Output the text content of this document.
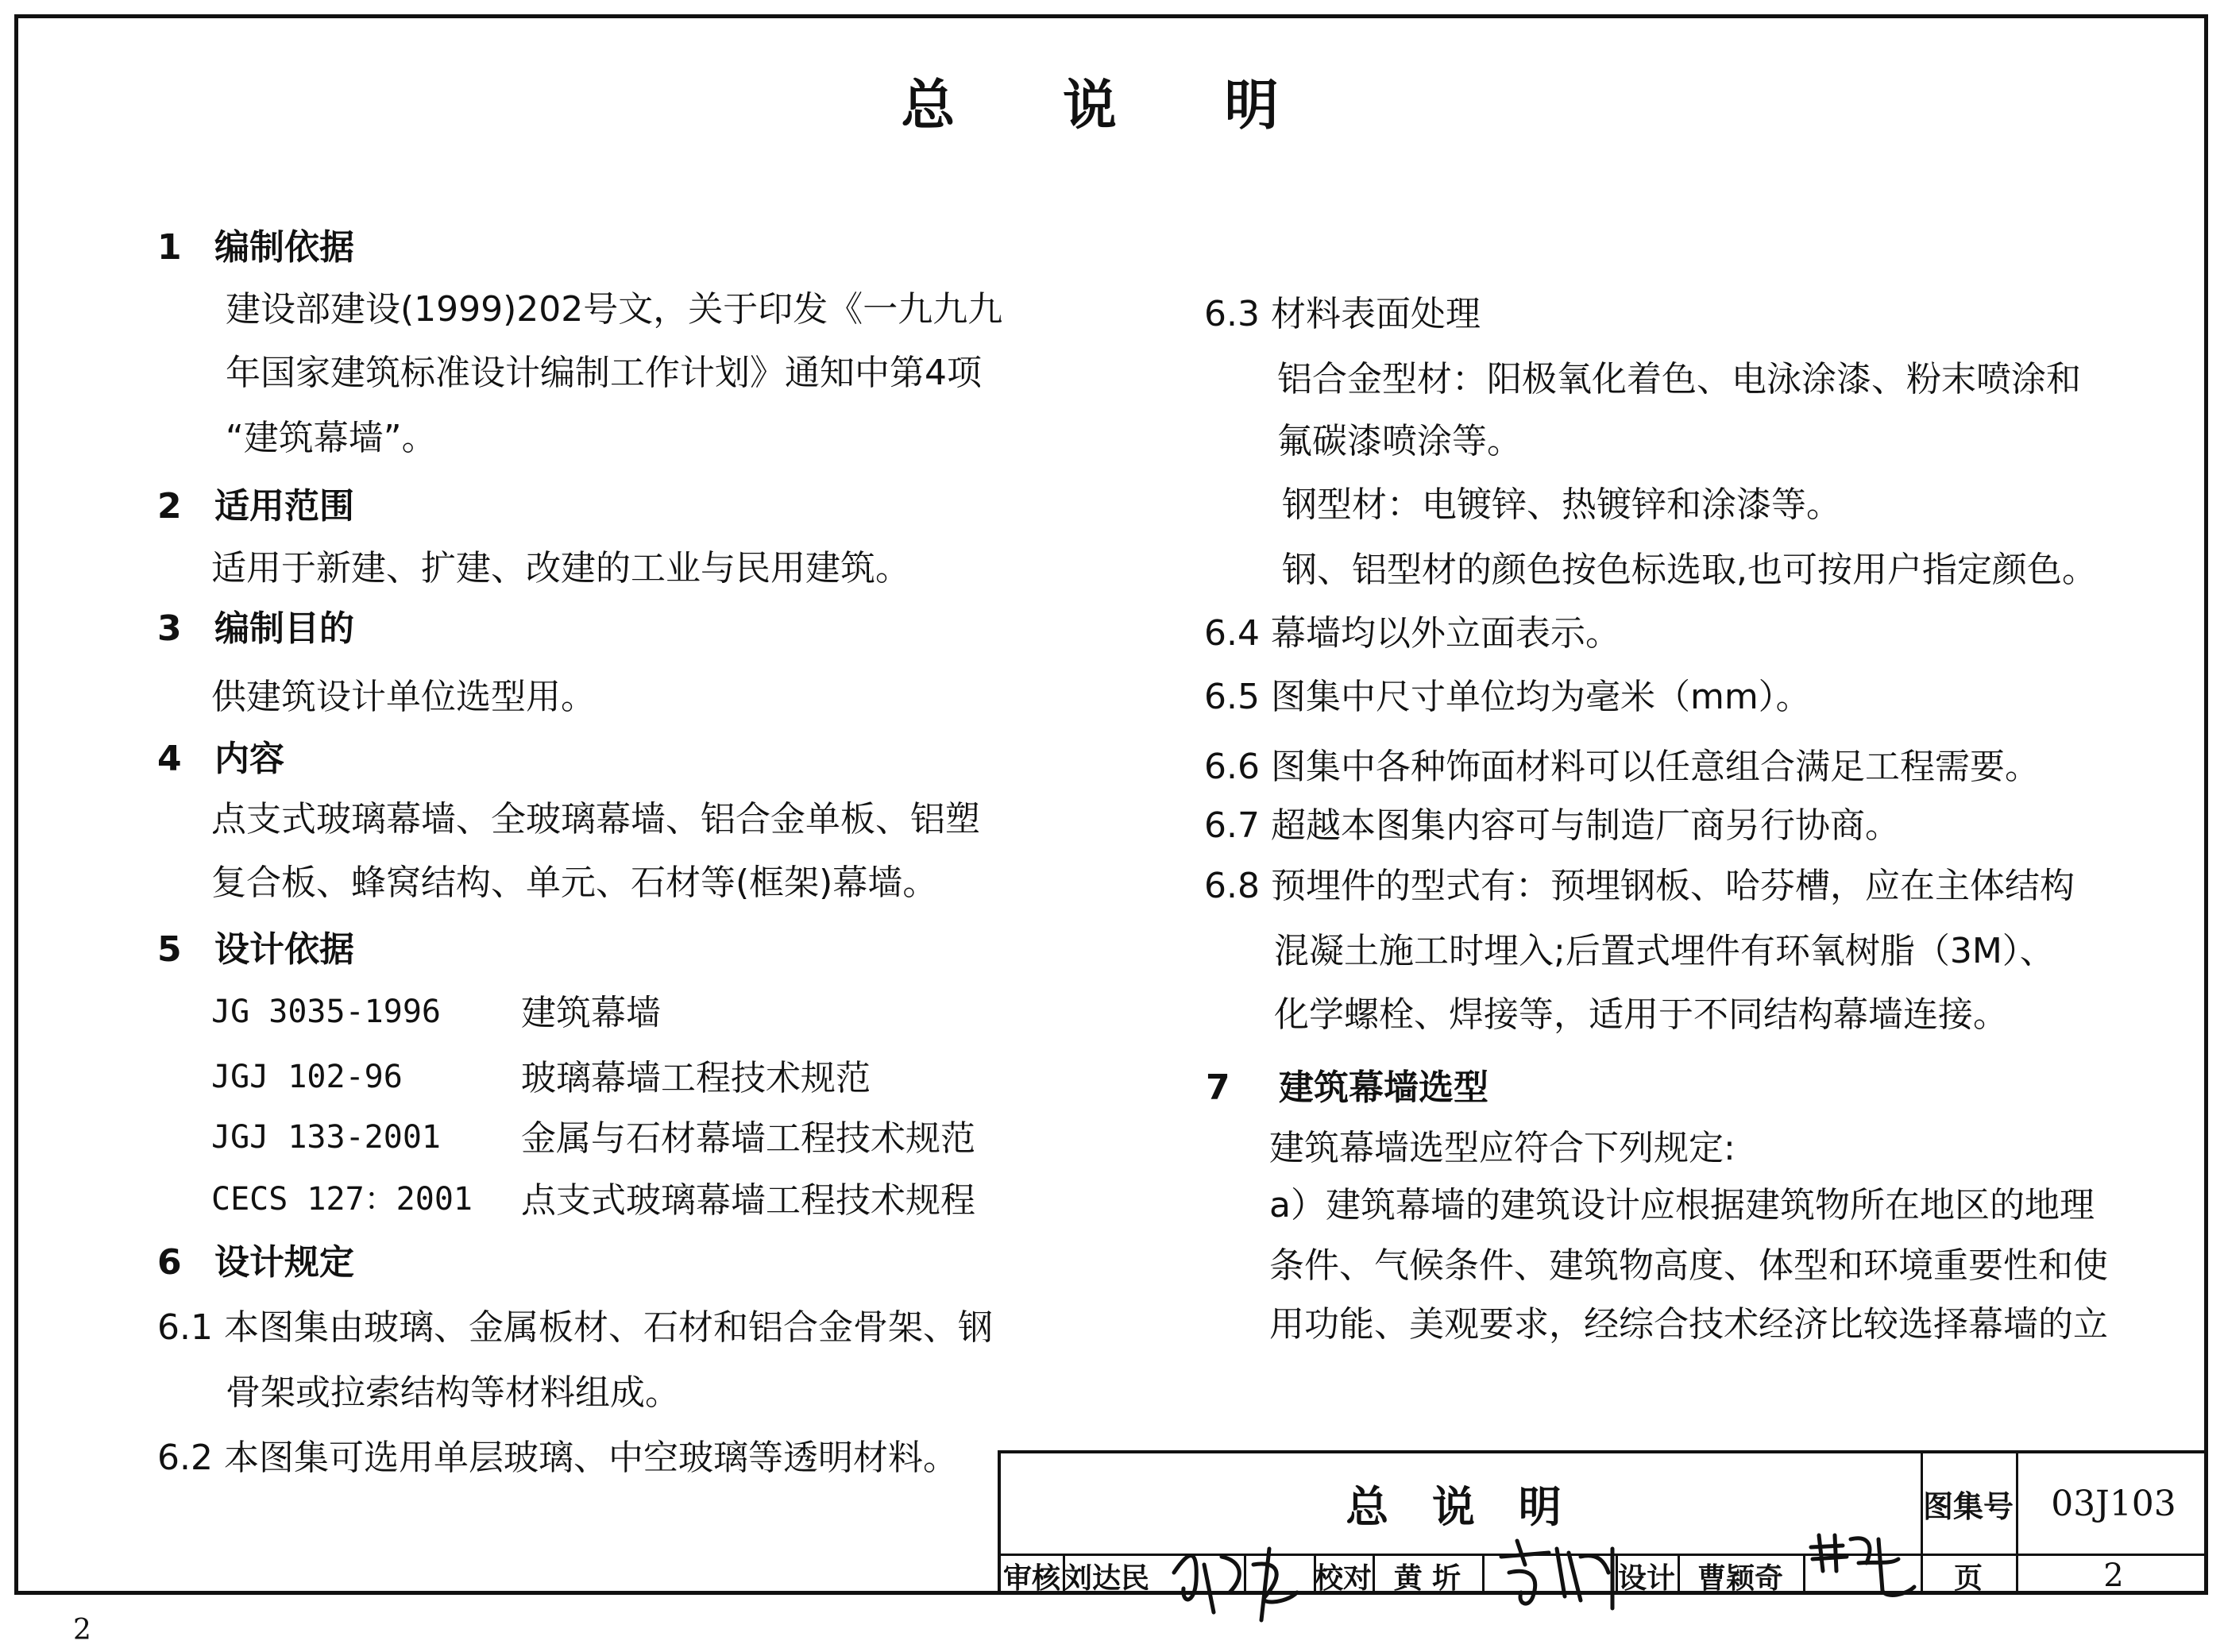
总 说 明
1 编制依据
建设部建设(1999)202号文，关于印发《一九九九
年国家建筑标准设计编制工作计划》通知中第4项
“建筑幕墙”。
2 适用范围
适用于新建、扩建、改建的工业与民用建筑。
3 编制目的
供建筑设计单位选型用。
4 内容
点支式玻璃幕墙、全玻璃幕墙、铝合金单板、铝塑
复合板、蜂窝结构、单元、石材等(框架)幕墙。
5 设计依据
JG 3035-1996 建筑幕墙
JGJ 102-96	玻璃幕墙工程技术规范
JGJ 133-2001 金属与石材幕墙工程技术规范
CECS 127：2001 点支式玻璃幕墙工程技术规程
6 设计规定
6.1 本图集由玻璃、金属板材、石材和铝合金骨架、钢
骨架或拉索结构等材料组成。
6.2 本图集可选用单层玻璃、中空玻璃等透明材料。
6.3 材料表面处理
铝合金型材：阳极氧化着色、电泳涂漆、粉末喷涂和
氟碳漆喷涂等。
钢型材：电镀锌、热镀锌和涂漆等。
钢、铝型材的颜色按色标选取,也可按用户指定颜色。
6.4 幕墙均以外立面表示。
6.5 图集中尺寸单位均为毫米（mm）。
6.6 图集中各种饰面材料可以任意组合满足工程需要。
6.7 超越本图集内容可与制造厂商另行协商。
6.8 预埋件的型式有：预埋钢板、哈芬槽，应在主体结构
混凝土施工时埋入;后置式埋件有环氧树脂（3M）、
化学螺栓、焊接等，适用于不同结构幕墙连接。
7 建筑幕墙选型
建筑幕墙选型应符合下列规定:
a）建筑幕墙的建筑设计应根据建筑物所在地区的地理
条件、气候条件、建筑物高度、体型和环境重要性和使
用功能、美观要求，经综合技术经济比较选择幕墙的立
总 说 明	图集号	03J103
审核 刘达民	校对 黄 圻	设计 曹颖奇	页	2
2
